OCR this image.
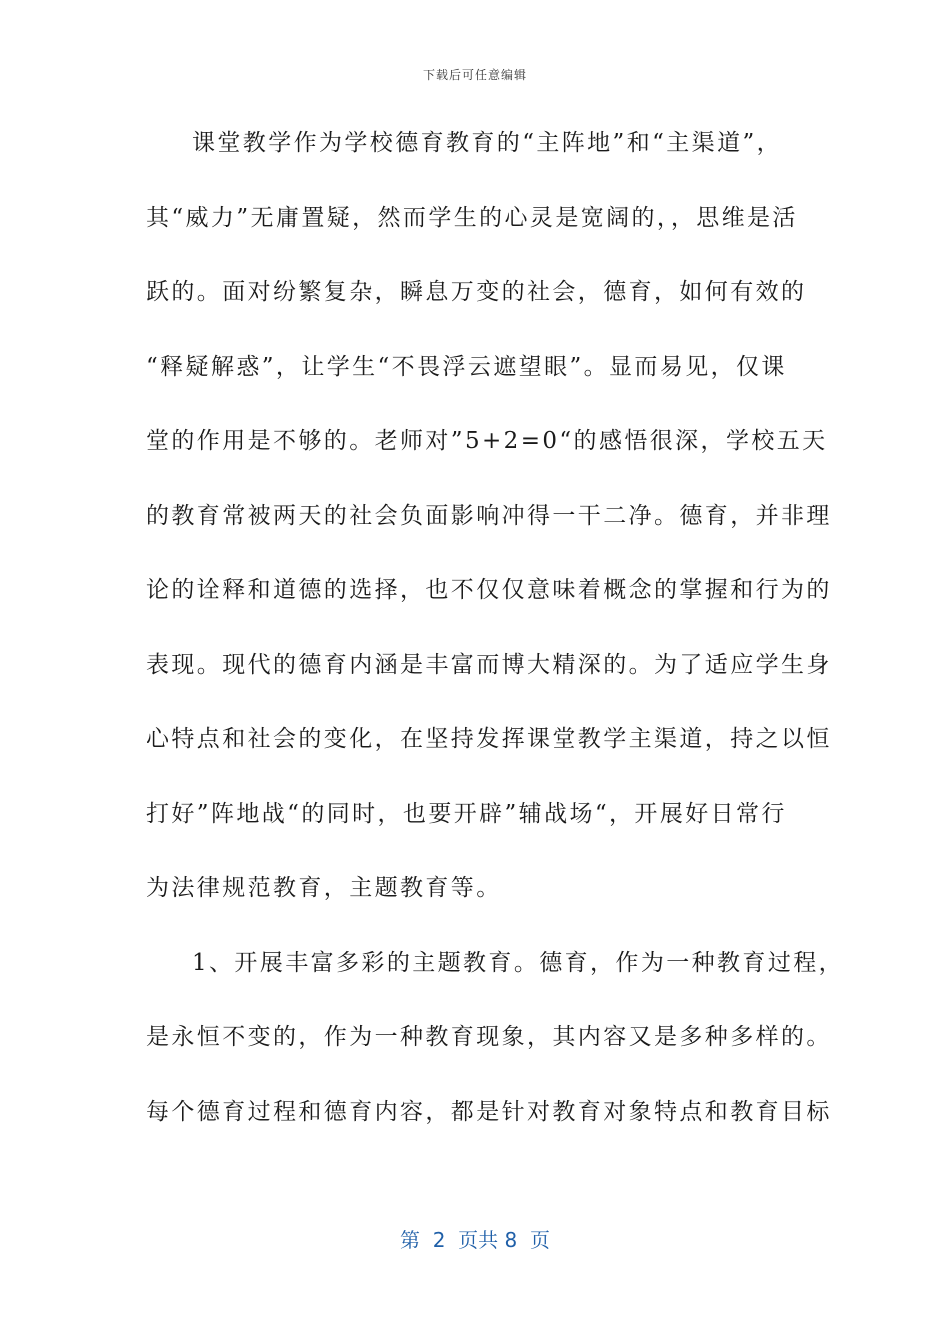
下载后可任意编辑
课堂教学作为学校德育教育的“主阵地”和“主渠道”，
其“威力”无庸置疑，然而学生的心灵是宽阔的，，思维是活
跃的。面对纷繁复杂，瞬息万变的社会，德育，如何有效的
“释疑解惑”，让学生“不畏浮云遮望眼”。显而易见，仅课
堂的作用是不够的。老师对”5+2=0“的感悟很深，学校五天
的教育常被两天的社会负面影响冲得一干二净。德育，并非理
论的诠释和道德的选择，也不仅仅意味着概念的掌握和行为的
表现。现代的德育内涵是丰富而博大精深的。为了适应学生身
心特点和社会的变化，在坚持发挥课堂教学主渠道，持之以恒
打好”阵地战“的同时，也要开辟”辅战场“，开展好日常行
为法律规范教育，主题教育等。
1、开展丰富多彩的主题教育。德育，作为一种教育过程，
是永恒不变的，作为一种教育现象，其内容又是多种多样的。
每个德育过程和德育内容，都是针对教育对象特点和教育目标
第  2  页共 8  页
